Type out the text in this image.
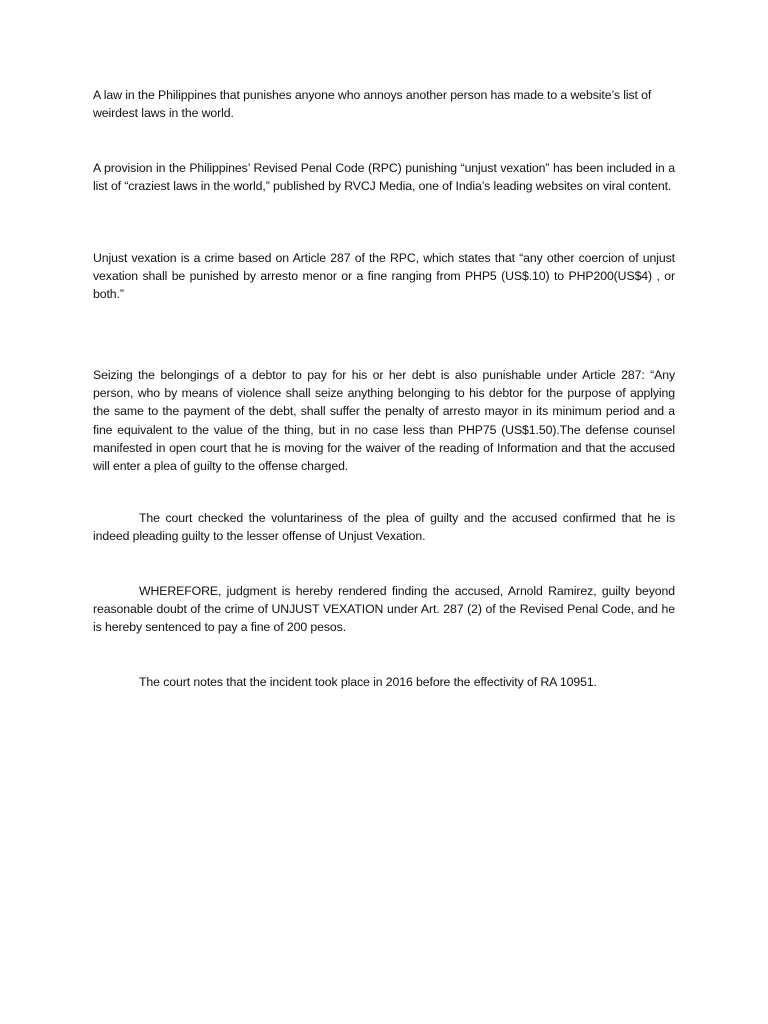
A law in the Philippines that punishes anyone who annoys another person has made to a website’s list of weirdest laws in the world.

A provision in the Philippines’ Revised Penal Code (RPC) punishing “unjust vexation” has been included in a list of “craziest laws in the world,” published by RVCJ Media, one of India’s leading websites on viral content.

Unjust vexation is a crime based on Article 287 of the RPC, which states that “any other coercion of unjust vexation shall be punished by arresto menor or a fine ranging from PHP5 (US$.10) to PHP200(US$4) , or both.”

Seizing the belongings of a debtor to pay for his or her debt is also punishable under Article 287: “Any person, who by means of violence shall seize anything belonging to his debtor for the purpose of applying the same to the payment of the debt, shall suffer the penalty of arresto mayor in its minimum period and a fine equivalent to the value of the thing, but in no case less than PHP75 (US$1.50).The defense counsel manifested in open court that he is moving for the waiver of the reading of Information and that the accused will enter a plea of guilty to the offense charged.

The court checked the voluntariness of the plea of guilty and the accused confirmed that he is indeed pleading guilty to the lesser offense of Unjust Vexation.

WHEREFORE, judgment is hereby rendered finding the accused, Arnold Ramirez, guilty beyond reasonable doubt of the crime of UNJUST VEXATION under Art. 287 (2) of the Revised Penal Code, and he is hereby sentenced to pay a fine of 200 pesos.

The court notes that the incident took place in 2016 before the effectivity of RA 10951.
